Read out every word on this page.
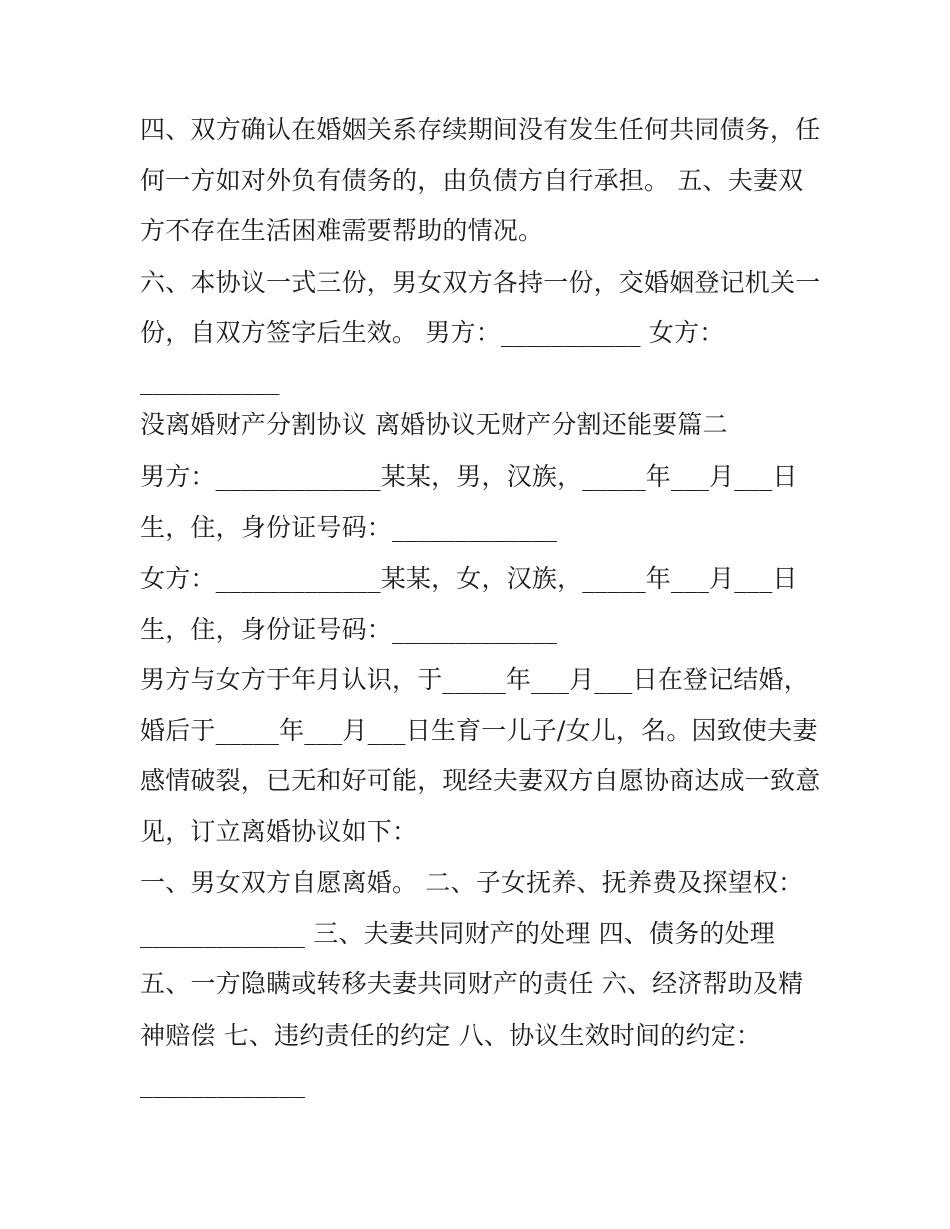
四、双方确认在婚姻关系存续期间没有发生任何共同债务，任
何一方如对外负有债务的，由负债方自行承担。 五、夫妻双
方不存在生活困难需要帮助的情况。
六、本协议一式三份，男女双方各持一份，交婚姻登记机关一
份，自双方签字后生效。 男方：___________ 女方：
___________
没离婚财产分割协议 离婚协议无财产分割还能要篇二
男方：_____________某某，男，汉族，_____年___月___日
生，住，身份证号码：_____________
女方：_____________某某，女，汉族，_____年___月___日
生，住，身份证号码：_____________
男方与女方于年月认识，于_____年___月___日在登记结婚，
婚后于_____年___月___日生育一儿子/女儿，名。因致使夫妻
感情破裂，已无和好可能，现经夫妻双方自愿协商达成一致意
见，订立离婚协议如下：
一、男女双方自愿离婚。 二、子女抚养、抚养费及探望权：
_____________ 三、夫妻共同财产的处理 四、债务的处理
五、一方隐瞒或转移夫妻共同财产的责任 六、经济帮助及精
神赔偿 七、违约责任的约定 八、协议生效时间的约定：
_____________
